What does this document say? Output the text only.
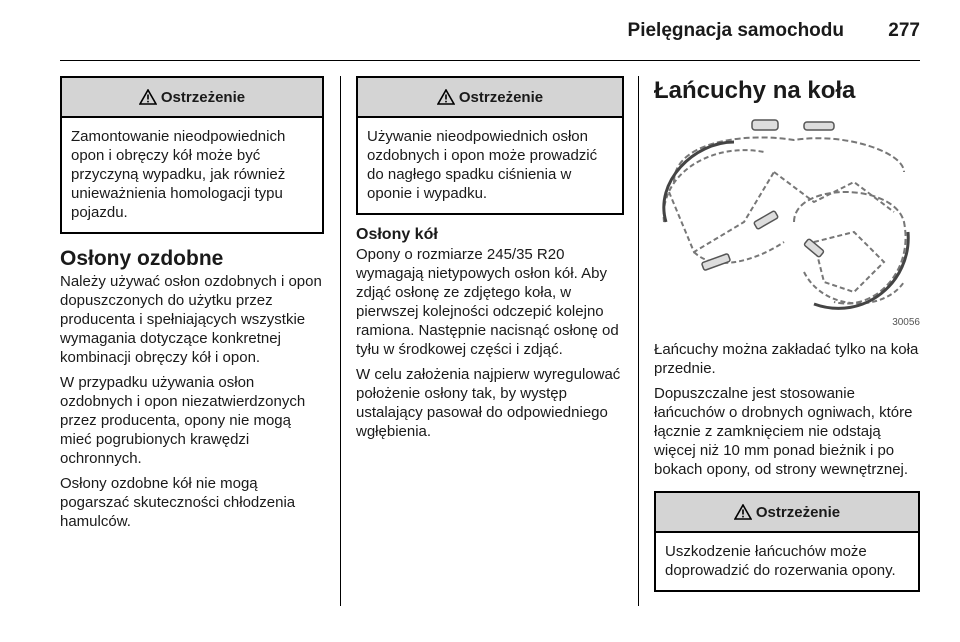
Pielęgnacja samochodu	277
Ostrzeżenie
Zamontowanie nieodpowiednich opon i obręczy kół może być przyczyną wypadku, jak również unieważnienia homologacji typu pojazdu.
Osłony ozdobne

Należy używać osłon ozdobnych i opon dopuszczonych do użytku przez producenta i spełniających wszystkie wymagania dotyczące konkretnej kombinacji obręczy kół i opon.

W przypadku używania osłon ozdobnych i opon niezatwierdzonych przez producenta, opony nie mogą mieć pogrubionych krawędzi ochronnych.

Osłony ozdobne kół nie mogą pogarszać skuteczności chłodzenia hamulców.

Ostrzeżenie
Używanie nieodpowiednich osłon ozdobnych i opon może prowadzić do nagłego spadku ciśnienia w oponie i wypadku.
Osłony kół

Opony o rozmiarze 245/35 R20 wymagają nietypowych osłon kół. Aby zdjąć osłonę ze zdjętego koła, w pierwszej kolejności odczepić kolejno ramiona. Następnie nacisnąć osłonę od tyłu w środkowej części i zdjąć.

W celu założenia najpierw wyregulować położenie osłony tak, by występ ustalający pasował do odpowiedniego wgłębienia.

Łańcuchy na koła
30056

Łańcuchy można zakładać tylko na koła przednie.

Dopuszczalne jest stosowanie łańcuchów o drobnych ogniwach, które łącznie z zamknięciem nie odstają więcej niż 10 mm ponad bieżnik i po bokach opony, od strony wewnętrznej.

Ostrzeżenie
Uszkodzenie łańcuchów może doprowadzić do rozerwania opony.
